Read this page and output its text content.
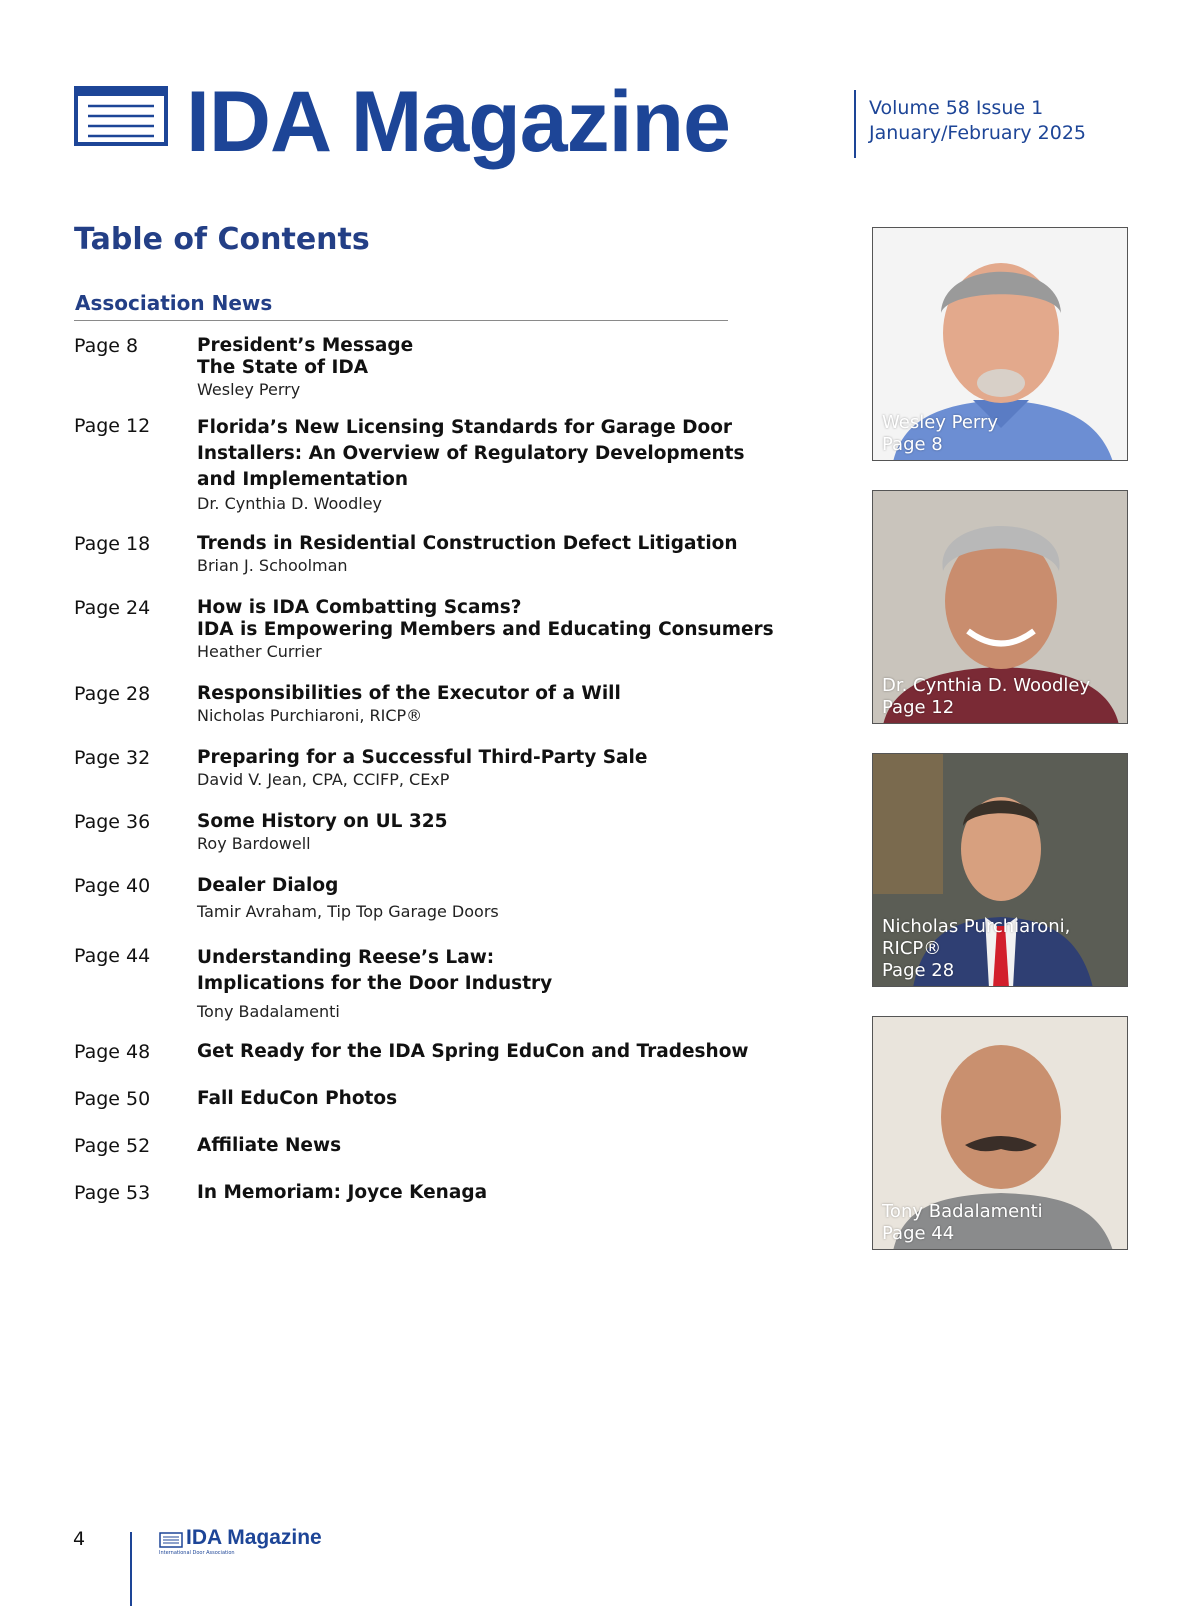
IDA Magazine	Volume 58 Issue 1
January/February 2025
Table of Contents
Association News
Page 8	President’s Message
The State of IDA
Wesley Perry
Page 12	Florida’s New Licensing Standards for Garage Door
Installers: An Overview of Regulatory Developments
and Implementation
Dr. Cynthia D. Woodley
Page 18	Trends in Residential Construction Defect Litigation
Brian J. Schoolman
Page 24	How is IDA Combatting Scams?
IDA is Empowering Members and Educating Consumers
Heather Currier
Page 28	Responsibilities of the Executor of a Will
Nicholas Purchiaroni, RICP®
Page 32	Preparing for a Successful Third-Party Sale
David V. Jean, CPA, CCIFP, CExP
Page 36	Some History on UL 325
Roy Bardowell
Page 40	Dealer Dialog
Tamir Avraham, Tip Top Garage Doors
Page 44	Understanding Reese’s Law:
Implications for the Door Industry
Tony Badalamenti
Page 48	Get Ready for the IDA Spring EduCon and Tradeshow
Page 50	Fall EduCon Photos
Page 52	Affiliate News
Page 53	In Memoriam: Joyce Kenaga
Wesley Perry
Page 8
Dr. Cynthia D. Woodley
Page 12
Nicholas Purchiaroni,
RICP®
Page 28
Tony Badalamenti
Page 44
4	IDA Magazine
International Door Association
